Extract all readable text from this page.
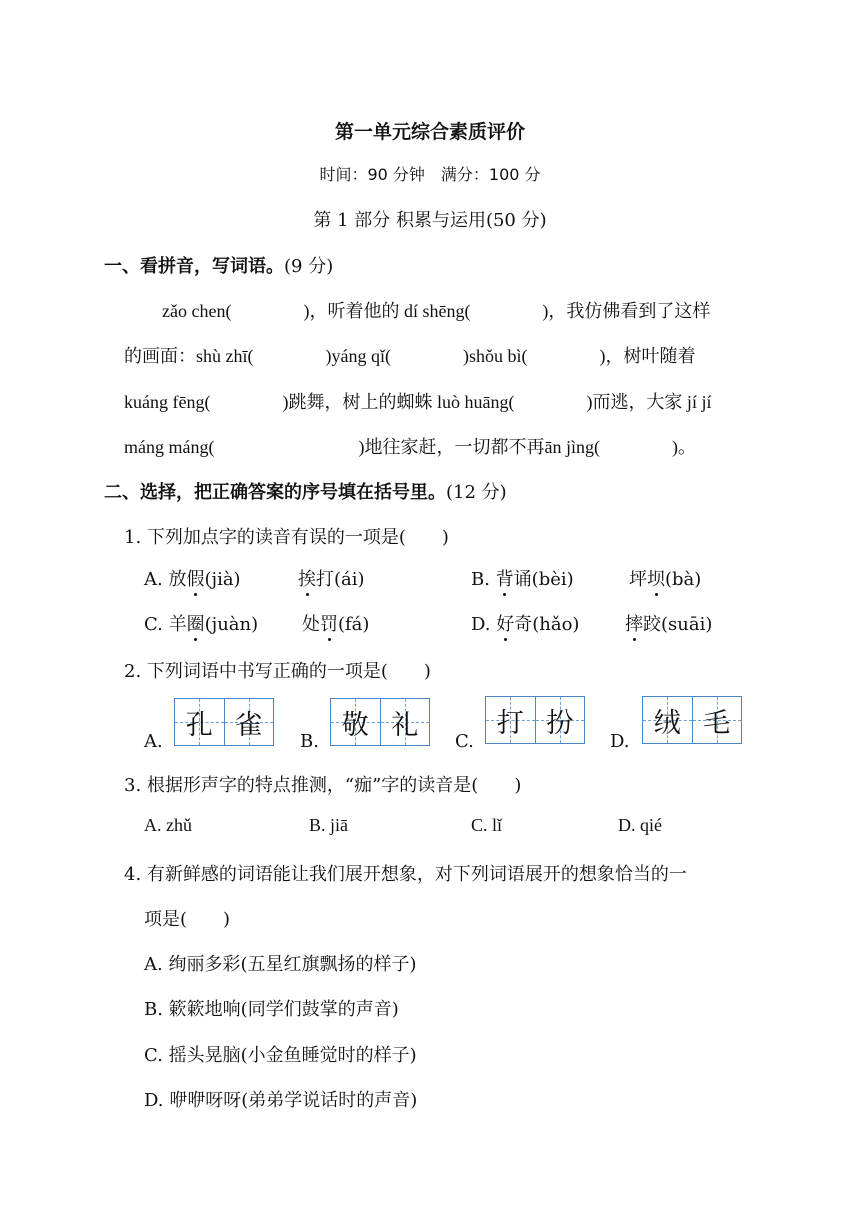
第一单元综合素质评价
时间：90 分钟　满分：100 分
第 1 部分 积累与运用(50 分)
一、看拼音，写词语。(9 分)
zǎo chen(　　　　)，听着他的 dí shēng(　　　　)，我仿佛看到了这样
的画面：shù zhī(　　　　)yáng qǐ(　　　　)shǒu bì(　　　　)，树叶随着
kuáng fēng(　　　　)跳舞，树上的蜘蛛 luò huāng(　　　　)而逃，大家 jí jí
máng máng(　　　　　　　　)地往家赶，一切都不再ān jìng(　　　　)。
二、选择，把正确答案的序号填在括号里。(12 分)
1. 下列加点字的读音有误的一项是(　　)
A. 放假(jià)	挨打(ái)	B. 背诵(bèi)	坪坝(bà)
C. 羊圈(juàn) 处罚(fá)	D. 好奇(hǎo)	摔跤(suāi)
2. 下列词语中书写正确的一项是(　　)
A.
孔 雀
B.
敬 礼
C.
打 扮
D.
绒 毛
3. 根据形声字的特点推测，“痂”字的读音是(　　)
A. zhǔ	B. jiā	C. lǐ	D. qié
4. 有新鲜感的词语能让我们展开想象，对下列词语展开的想象恰当的一
项是(　　)
A. 绚丽多彩(五星红旗飘扬的样子)
B. 簌簌地响(同学们鼓掌的声音)
C. 摇头晃脑(小金鱼睡觉时的样子)
D. 咿咿呀呀(弟弟学说话时的声音)
